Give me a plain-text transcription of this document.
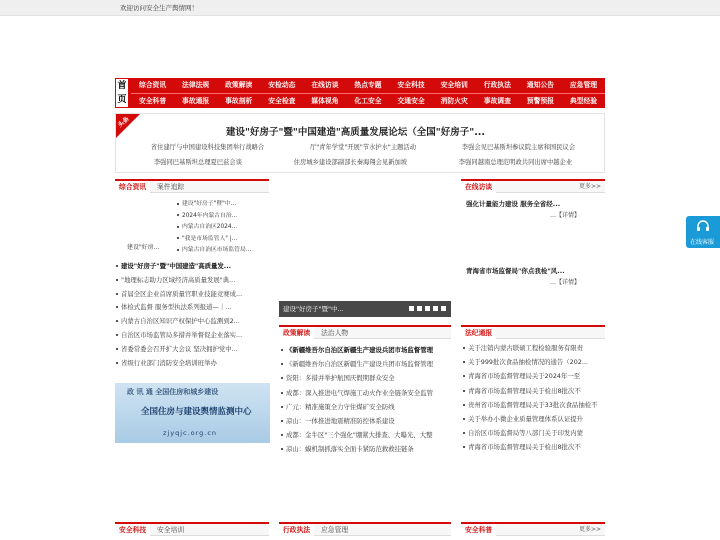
欢迎访问安全生产舆情网！
首
页
综合资讯	法律法规	政策解读	安检动态	在线访谈	热点专题	安全科技	安全培训	行政执法	通知公告	应急管理
安全科普	事故通报	事故剖析	安全检查	媒体视角	化工安全	交通安全	消防火灾	事故调查	预警预报	典型经验
头条
建设"好房子"暨"中国建造"高质量发展论坛（全国"好房子"...
省住建厅与中国建设科技集团举行战略合	厅"青年学堂"开展"节水护水"主题活动	李强会见巴基斯坦参议院主席和国民议会
李强同巴基斯坦总理夏巴兹会谈	住房城乡建设部副部长秦海翔会见新加坡	李强同越南总理范明政共同出席中越企业
综合资讯	案件追踪
建设"好房...
建设"好房子"暨"中...
2024年内蒙古自治...
内蒙古自治区2024...
"我是市场监管人" |...
内蒙古自治区市场监管局...
建设"好房子"暨"中国建造"高质量发...
"地理标志助力区域经济高质量发展"典...
首届全区企业首席质量官职业技能竞赛成...
体检式监督 服务型执法系列报道—｜...
内蒙古自治区知识产权保护中心监测到2...
自治区市场监管局多措并举督促企业落实...
省委常委会召开扩大会议 坚决拥护党中...
省级行业部门消防安全培训班举办
政 讯 通 全国住房和城乡建设
全国住房与建设舆情监测中心
zjyqjc.org.cn
建设"好房子"暨"中...
政策解读	法治人物
《新疆维吾尔自治区新疆生产建设兵团市场监督管理
《新疆维吾尔自治区新疆生产建设兵团市场监督管理
资阳：多措并举护航国庆假期群众安全
成都：深入推进电气焊施工动火作业全链条安全监管
广元：精准施策全力守住煤矿安全防线
凉山：一体推进地震精准防控体系建设
成都：金牛区"三个强化"绷紧大排查、大曝光、大整
凉山：蟆机制抓落实全面卡紧防范救救挂链条
在线访谈	更多>>
强化计量能力建设 服务全省经...
…【详情】
青海省市场监督局"你点我检"风...
…【详情】
法纪通报
关于注销内蒙古联硕工程检验服务有限责
关于999批次食品抽检情况的通告（202...
青海省市场监督管理局关于2024年一至
青海省市场监督管理局关于检出8批次不
贵州省市场监督管理局关于33批次食品抽检不
关于举办小微企业质量管理体系认证提升
自治区市场监督局等八部门关于印发内蒙
青海省市场监督管理局关于检出8批次不
安全科技	安全培训	行政执法	应急管理	安全科普	更多>>
在线客服
